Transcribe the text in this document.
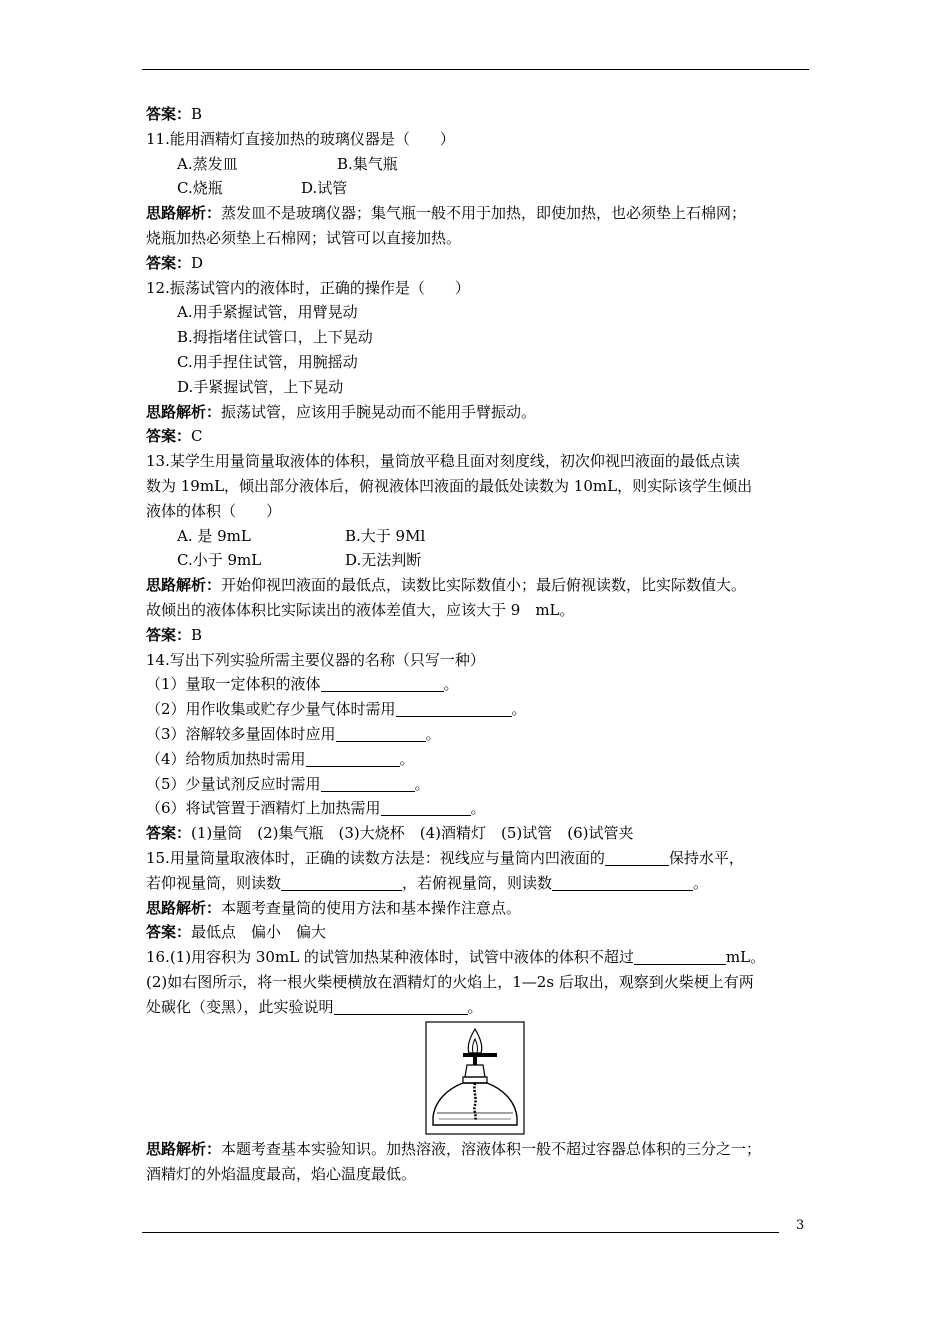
答案：B
11.能用酒精灯直接加热的玻璃仪器是（　　）
A.蒸发皿	B.集气瓶
C.烧瓶	D.试管
思路解析：蒸发皿不是玻璃仪器；集气瓶一般不用于加热，即使加热，也必须垫上石棉网；
烧瓶加热必须垫上石棉网；试管可以直接加热。
答案：D
12.振荡试管内的液体时，正确的操作是（　　）
A.用手紧握试管，用臂晃动
B.拇指堵住试管口，上下晃动
C.用手捏住试管，用腕摇动
D.手紧握试管，上下晃动
思路解析：振荡试管，应该用手腕晃动而不能用手臂振动。
答案：C
13.某学生用量筒量取液体的体积，量筒放平稳且面对刻度线，初次仰视凹液面的最低点读
数为 19mL，倾出部分液体后，俯视液体凹液面的最低处读数为 10mL，则实际该学生倾出
液体的体积（　　）
A. 是 9mL	B.大于 9Ml
C.小于 9mL	D.无法判断
思路解析：开始仰视凹液面的最低点，读数比实际数值小；最后俯视读数，比实际数值大。
故倾出的液体体积比实际读出的液体差值大，应该大于 9　mL。
答案：B
14.写出下列实验所需主要仪器的名称（只写一种）
（1）量取一定体积的液体	。
（2）用作收集或贮存少量气体时需用	。
（3）溶解较多量固体时应用	。
（4）给物质加热时需用	。
（5）少量试剂反应时需用	。
（6）将试管置于酒精灯上加热需用	。
答案：(1)量筒　(2)集气瓶　(3)大烧杯　(4)酒精灯　(5)试管　(6)试管夹
15.用量筒量取液体时，正确的读数方法是：视线应与量筒内凹液面的	保持水平，
若仰视量筒，则读数	，若俯视量筒，则读数	。
思路解析：本题考查量筒的使用方法和基本操作注意点。
答案：最低点　偏小　偏大
16.(1)用容积为 30mL 的试管加热某种液体时，试管中液体的体积不超过	mL。
(2)如右图所示，将一根火柴梗横放在酒精灯的火焰上，1—2s 后取出，观察到火柴梗上有两
处碳化（变黑），此实验说明	。
思路解析：本题考查基本实验知识。加热溶液，溶液体积一般不超过容器总体积的三分之一；
酒精灯的外焰温度最高，焰心温度最低。
3
